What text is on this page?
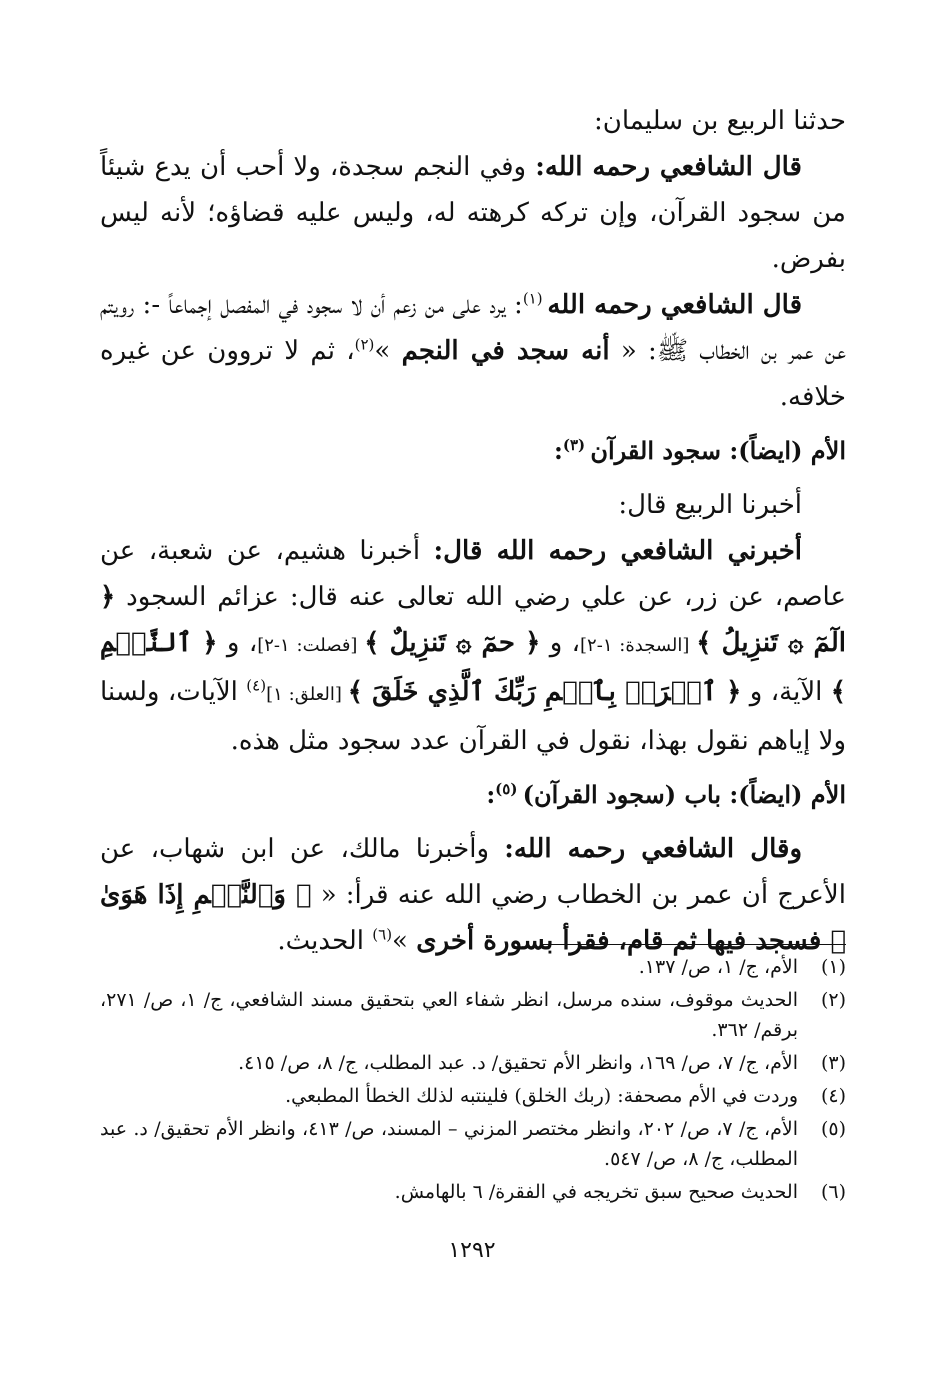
حدثنا الربيع بن سليمان:

قال الشافعي رحمه الله: وفي النجم سجدة، ولا أحب أن يدع شيئاً من سجود القرآن، وإن تركه كرهته له، وليس عليه قضاؤه؛ لأنه ليس بفرض.

قال الشافعي رحمه الله $^{(١)}$: يرد على من زعم أن لا سجود في المفصل إجماعاً -: رويتم عن عمر بن الخطاب ﷺ: « أنه سجد في النجم »$^{(٢)}$، ثم لا تروون عن غيره خلافه.

الأم (ايضاً): سجود القرآن $^{(٣)}$:

أخبرنا الربيع قال:

أخبرني الشافعي رحمه الله قال: أخبرنا هشيم، عن شعبة، عن عاصم، عن زر، عن علي رضي الله تعالى عنه قال: عزائم السجود ﴿ الٓمٓ ۞ تَنزِيلُ ﴾ [السجدة: ١-٢]، و ﴿ حمٓ ۞ تَنزِيلٌ ﴾ [فصلت: ١-٢]، و ﴿ ٱلنَّجۡمِ ﴾ الآية، و ﴿ ٱقۡرَأۡ بِٱسۡمِ رَبِّكَ ٱلَّذِي خَلَقَ ﴾ [العلق: ١]$^{(٤)}$ الآيات، ولسنا ولا إياهم نقول بهذا، نقول في القرآن عدد سجود مثل هذه.

الأم (ايضاً): باب (سجود القرآن) $^{(٥)}$:

وقال الشافعي رحمه الله: وأخبرنا مالك، عن ابن شهاب، عن الأعرج أن عمر بن الخطاب رضي الله عنه قرأ: « ﴿ وَٱلنَّجۡمِ إِذَا هَوَىٰ ﴾ فسجد فيها ثم قام، فقرأ بسورة أخرى »$^{(٦)}$ الحديث.

(١)
الأم، ج/ ١، ص/ ١٣٧.
(٢)
الحديث موقوف، سنده مرسل، انظر شفاء العي بتحقيق مسند الشافعي، ج/ ١، ص/ ٢٧١، برقم/ ٣٦٢.
(٣)
الأم، ج/ ٧، ص/ ١٦٩، وانظر الأم تحقيق/ د. عبد المطلب، ج/ ٨، ص/ ٤١٥.
(٤)
وردت في الأم مصحفة: (ربك الخلق) فلينتبه لذلك الخطأ المطبعي.
(٥)
الأم، ج/ ٧، ص/ ٢٠٢، وانظر مختصر المزني – المسند، ص/ ٤١٣، وانظر الأم تحقيق/ د. عبد المطلب، ج/ ٨، ص/ ٥٤٧.
(٦)
الحديث صحيح سبق تخريجه في الفقرة/ ٦ بالهامش.
١٢٩٢
